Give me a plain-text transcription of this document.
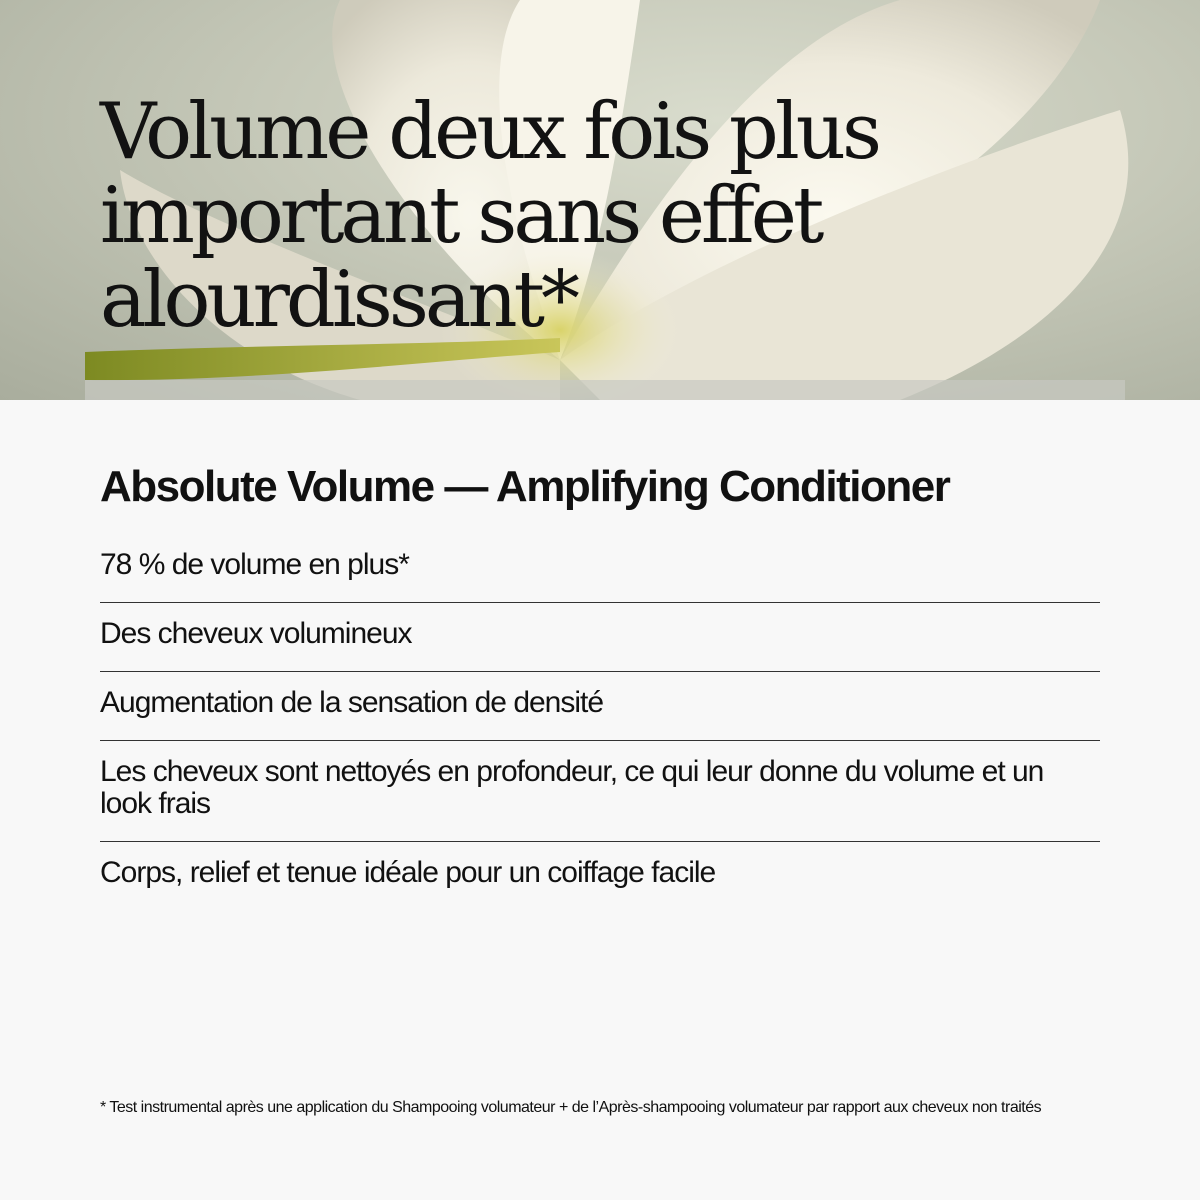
Volume deux fois plus
important sans effet
alourdissant*
Absolute Volume — Amplifying Conditioner
78 % de volume en plus*
Des cheveux volumineux
Augmentation de la sensation de densité
Les cheveux sont nettoyés en profondeur, ce qui leur donne du volume et un look frais
Corps, relief et tenue idéale pour un coiffage facile

* Test instrumental après une application du Shampooing volumateur + de l’Après-shampooing volumateur par rapport aux cheveux non traités
